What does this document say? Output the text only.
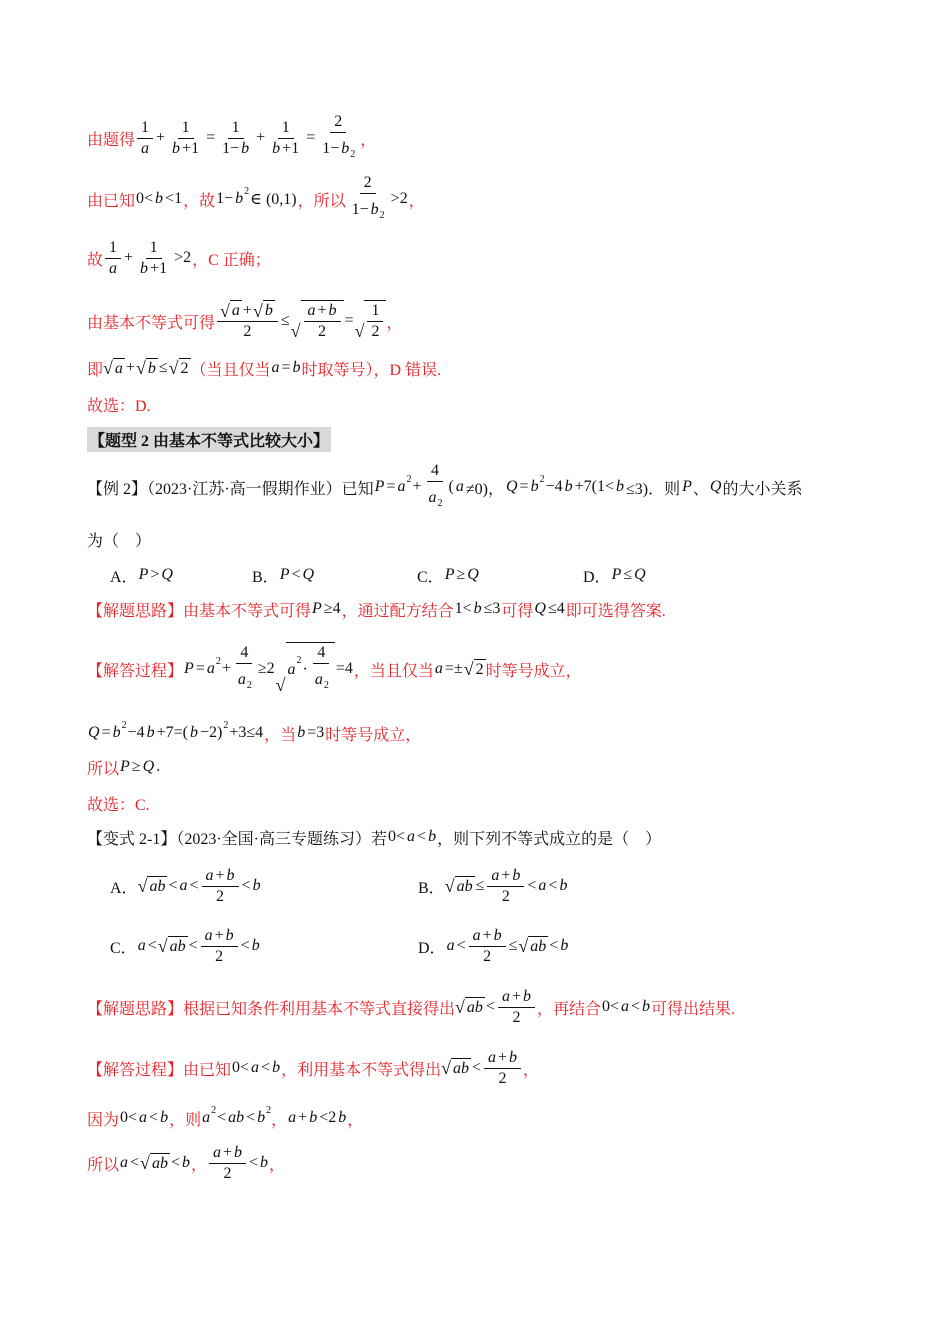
由题得 $\frac{1}{a} + \frac{1}{b +1} = \frac{1}{1- b} + \frac{1}{b +1} = \frac{2}{1- b 2}$ ，
由已知 0< b <1 ，故 1− b 2 ∈ (0,1) ，所以 $\frac{2}{1- b 2} >2$ ，
故 $\frac{1}{a} + \frac{1}{b +1} >2$ ，C 正确；
由基本不等式可得 $\frac{√ a + √ b}{2}$ ≤
√ $\frac{a + b}{2}$ =
√ $\frac{1}{2}$ ，
即 √ a + √ b ≤ √ 2 （当且仅当 a = b 时取等号），D 错误.
故选：D.
【题型 2 由基本不等式比较大小】
【例 2】（2023·江苏·高一假期作业）已知 P = a $2 + \frac{4}{a 2}$ ( a ≠0)， Q = b 2 −4 b +7(1< b ≤3)．则 P 、 Q 的大小关系
为（　）
A． P > Q	B． P < Q	C． P ≥ Q	D． P ≤ Q
【解题思路】由基本不等式可得 P ≥4 ，通过配方结合 1< b ≤3 可得 Q ≤4 即可选得答案.
【解答过程】 P = a $2 + \frac{4}{a 2} \ge 2$
√
a $2 \cdot \frac{4}{a 2} =4$ ，当且仅当 a =± √ 2 时等号成立，
Q = b 2 −4 b +7=( b −2) 2 +3≤4 ，当 b =3 时等号成立，
所以 P ≥ Q .
故选：C.
【变式 2-1】（2023·全国·高三专题练习）若 0< a < b ，则下列不等式成立的是（　）
A． √ ab < $a < \frac{a + b}{2} < b$	B． √ ab ≤ $\frac{a + b}{2} < a < b$
C． a < √ ab < $\frac{a + b}{2} < b$	D． $a < \frac{a + b}{2}$ ≤ √ ab < b
【解题思路】根据已知条件利用基本不等式直接得出 √ ab < $\frac{a + b}{2}$ ，再结合 0< a < b 可得出结果.
【解答过程】由已知 0< a < b ，利用基本不等式得出 √ ab < $\frac{a + b}{2}$ ，
因为 0< a < b ，则 a 2 < ab < b 2
， a + b <2 b ，
所以 a < √ ab < b ， $\frac{a + b}{2} < b$ ，
